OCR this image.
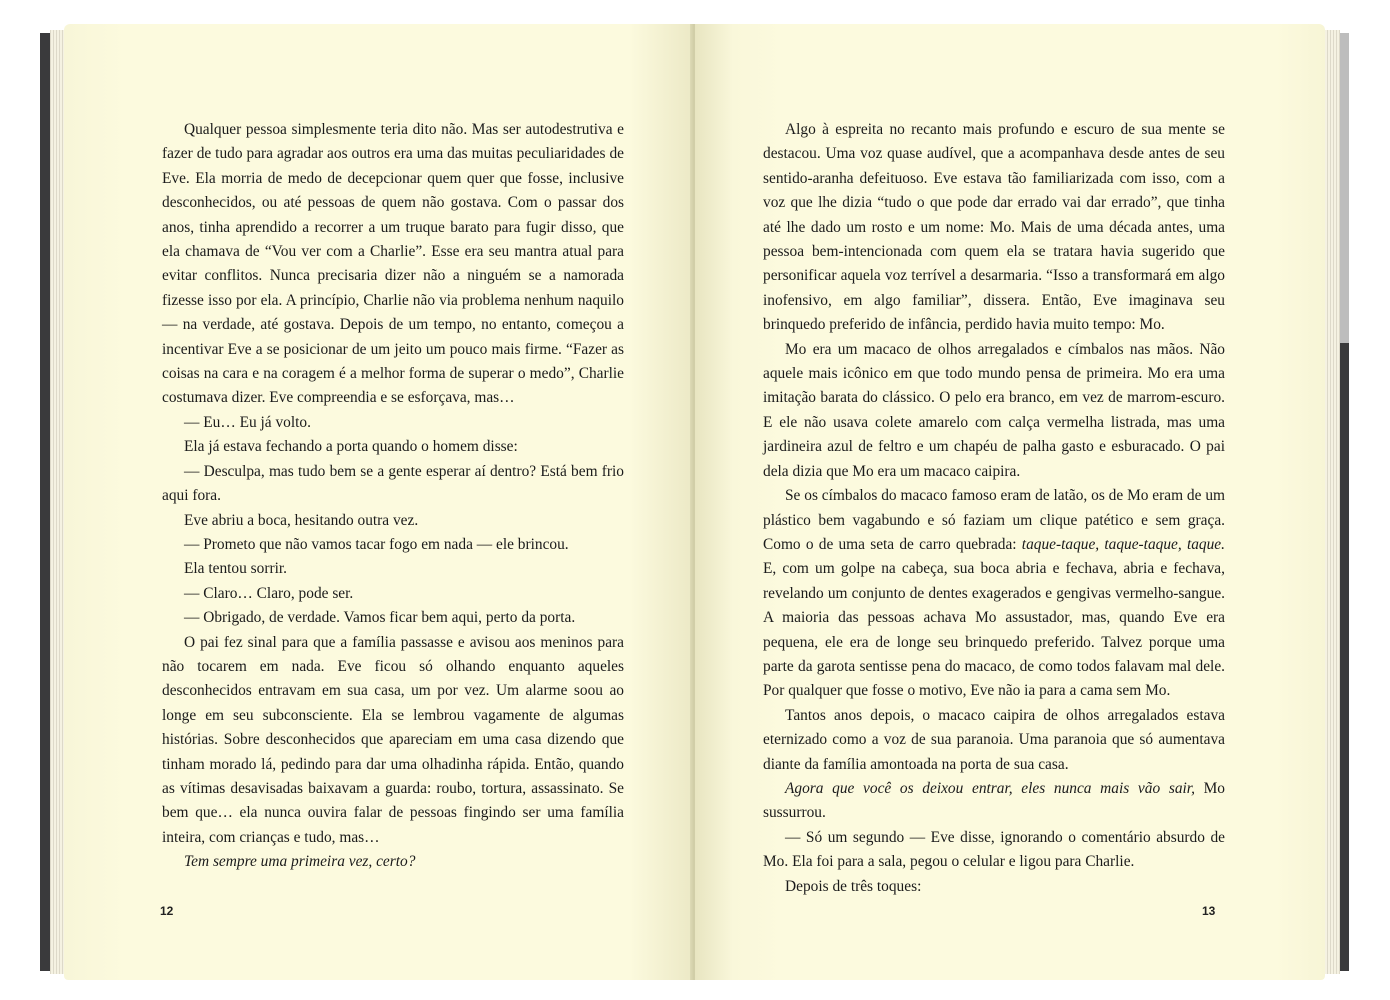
Qualquer pessoa simplesmente teria dito não. Mas ser autodestrutiva e fazer de tudo para agradar aos outros era uma das muitas peculiaridades de Eve. Ela morria de medo de decepcionar quem quer que fosse, inclusive desconhecidos, ou até pessoas de quem não gostava. Com o passar dos anos, tinha aprendido a recorrer a um truque barato para fugir disso, que ela chamava de “Vou ver com a Charlie”. Esse era seu mantra atual para evitar conflitos. Nunca precisaria dizer não a ninguém se a namorada fizesse isso por ela. A princípio, Charlie não via problema nenhum naquilo — na verdade, até gostava. Depois de um tempo, no entanto, começou a incentivar Eve a se posicionar de um jeito um pouco mais firme. “Fazer as coisas na cara e na coragem é a melhor forma de superar o medo”, Charlie costumava dizer. Eve compreendia e se esforçava, mas…

— Eu… Eu já volto.

Ela já estava fechando a porta quando o homem disse:

— Desculpa, mas tudo bem se a gente esperar aí dentro? Está bem frio aqui fora.

Eve abriu a boca, hesitando outra vez.

— Prometo que não vamos tacar fogo em nada — ele brincou.

Ela tentou sorrir.

— Claro… Claro, pode ser.

— Obrigado, de verdade. Vamos ficar bem aqui, perto da porta.

O pai fez sinal para que a família passasse e avisou aos meninos para não tocarem em nada. Eve ficou só olhando enquanto aqueles desconhecidos entravam em sua casa, um por vez. Um alarme soou ao longe em seu subconsciente. Ela se lembrou vagamente de algumas histórias. Sobre desconhecidos que apareciam em uma casa dizendo que tinham morado lá, pedindo para dar uma olhadinha rápida. Então, quando as vítimas desavisadas baixavam a guarda: roubo, tortura, assassinato. Se bem que… ela nunca ouvira falar de pessoas fingindo ser uma família inteira, com crianças e tudo, mas…

Tem sempre uma primeira vez, certo?

12

Algo à espreita no recanto mais profundo e escuro de sua mente se destacou. Uma voz quase audível, que a acompanhava desde antes de seu sentido-aranha defeituoso. Eve estava tão familiarizada com isso, com a voz que lhe dizia “tudo o que pode dar errado vai dar errado”, que tinha até lhe dado um rosto e um nome: Mo. Mais de uma década antes, uma pessoa bem-intencionada com quem ela se tratara havia sugerido que personificar aquela voz terrível a desarmaria. “Isso a transformará em algo inofensivo, em algo familiar”, dissera. Então, Eve imaginava seu brinquedo preferido de infância, perdido havia muito tempo: Mo.

Mo era um macaco de olhos arregalados e címbalos nas mãos. Não aquele mais icônico em que todo mundo pensa de primeira. Mo era uma imitação barata do clássico. O pelo era branco, em vez de marrom-escuro. E ele não usava colete amarelo com calça vermelha listrada, mas uma jardineira azul de feltro e um chapéu de palha gasto e esburacado. O pai dela dizia que Mo era um macaco caipira.

Se os címbalos do macaco famoso eram de latão, os de Mo eram de um plástico bem vagabundo e só faziam um clique patético e sem graça. Como o de uma seta de carro quebrada: taque-taque, taque-taque, taque. E, com um golpe na cabeça, sua boca abria e fechava, abria e fechava, revelando um conjunto de dentes exagerados e gengivas vermelho-sangue. A maioria das pessoas achava Mo assustador, mas, quando Eve era pequena, ele era de longe seu brinquedo preferido. Talvez porque uma parte da garota sentisse pena do macaco, de como todos falavam mal dele. Por qualquer que fosse o motivo, Eve não ia para a cama sem Mo.

Tantos anos depois, o macaco caipira de olhos arregalados estava eternizado como a voz de sua paranoia. Uma paranoia que só aumentava diante da família amontoada na porta de sua casa.

Agora que você os deixou entrar, eles nunca mais vão sair, Mo sussurrou.

— Só um segundo — Eve disse, ignorando o comentário absurdo de Mo. Ela foi para a sala, pegou o celular e ligou para Charlie.

Depois de três toques:

13
